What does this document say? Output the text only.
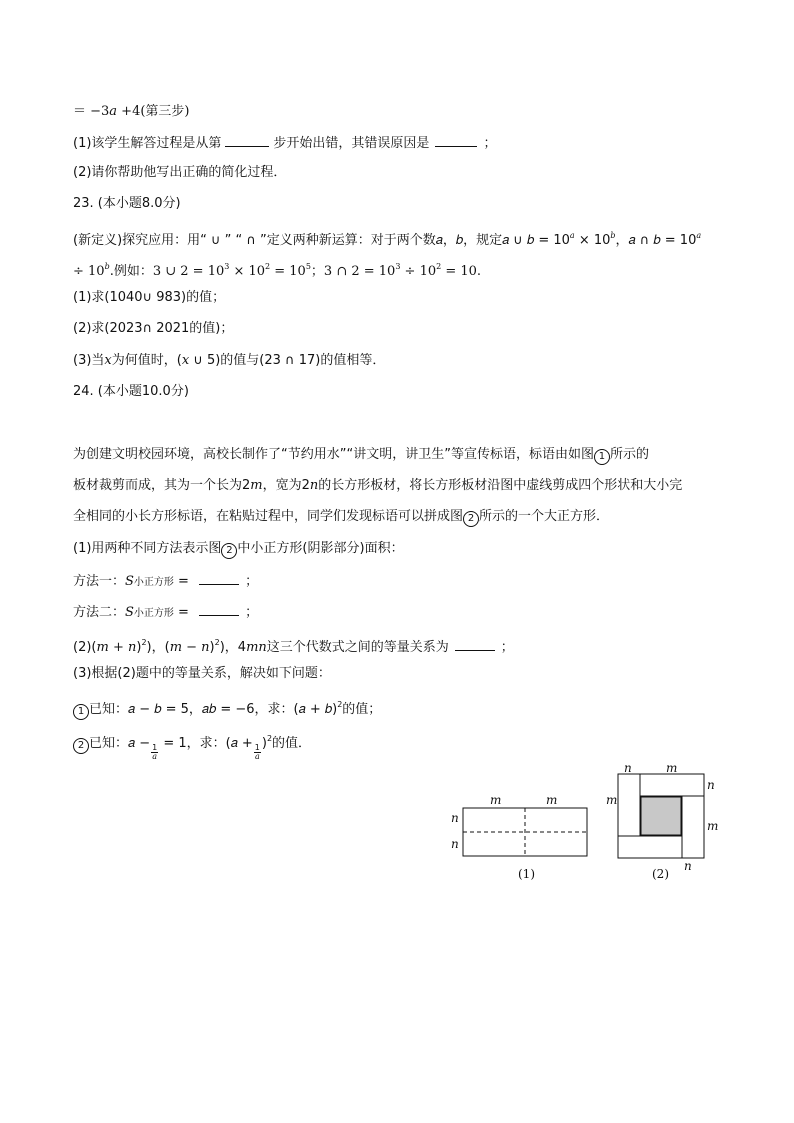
＝ −3𝑎 +4(第三步)
(1)该学生解答过程是从第	步开始出错，其错误原因是	；
(2)请你帮助他写出正确的简化过程．
23. (本小题8.0分)
(新定义)探究应用：用“ ∪ ” “ ∩ ”定义两种新运算：对于两个数𝑎，𝑏，规定𝑎 ∪ 𝑏 = $10^𝑎 \times 10^𝑏$，𝑎 ∩ 𝑏 = $10^𝑎$
÷ $10^𝑏$.例如：3 ∪ $2 = 10^3 \times 10^2 = 10^5$；3 ∩ $2 = 10^3 \div 10^2 = 10$.
(1)求(1040∪ 983)的值；
(2)求(2023∩ 2021的值)；
(3)当𝑥为何值时，(𝑥 ∪ 5)的值与(23 ∩ 17)的值相等．
24. (本小题10.0分)
为创建文明校园环境，高校长制作了“节约用水”“讲文明，讲卫生”等宣传标语，标语由如图 1 所示的
板材裁剪而成，其为一个长为2𝑚，宽为2𝑛的长方形板材，将长方形板材沿图中虚线剪成四个形状和大小完
全相同的小长方形标语，在粘贴过程中，同学们发现标语可以拼成图 2 所示的一个大正方形．
(1)用两种不同方法表示图 2 中小正方形(阴影部分)面积：
方法一：𝑆小正方形 =	；
方法二：𝑆小正方形 =	；
(2)(𝑚 + 𝑛)$^2$)，(𝑚 − 𝑛)$^2$)，4𝑚𝑛这三个代数式之间的等量关系为	；
(3)根据(2)题中的等量关系，解决如下问题：
1 已知：𝑎 − 𝑏 = 5，𝑎𝑏 = −6，求：(𝑎 + 𝑏)$^2$的值；
2 已知：𝑎 −
$\frac{1}{\text{𝑎}}$
= 1，求：(𝑎 +
$\frac{1}{\text{𝑎}}$
)$^2$的值．
𝑚	𝑚
𝑛
𝑛
(1)
𝑛	𝑚
𝑛
𝑚
𝑚
𝑛
(2)
